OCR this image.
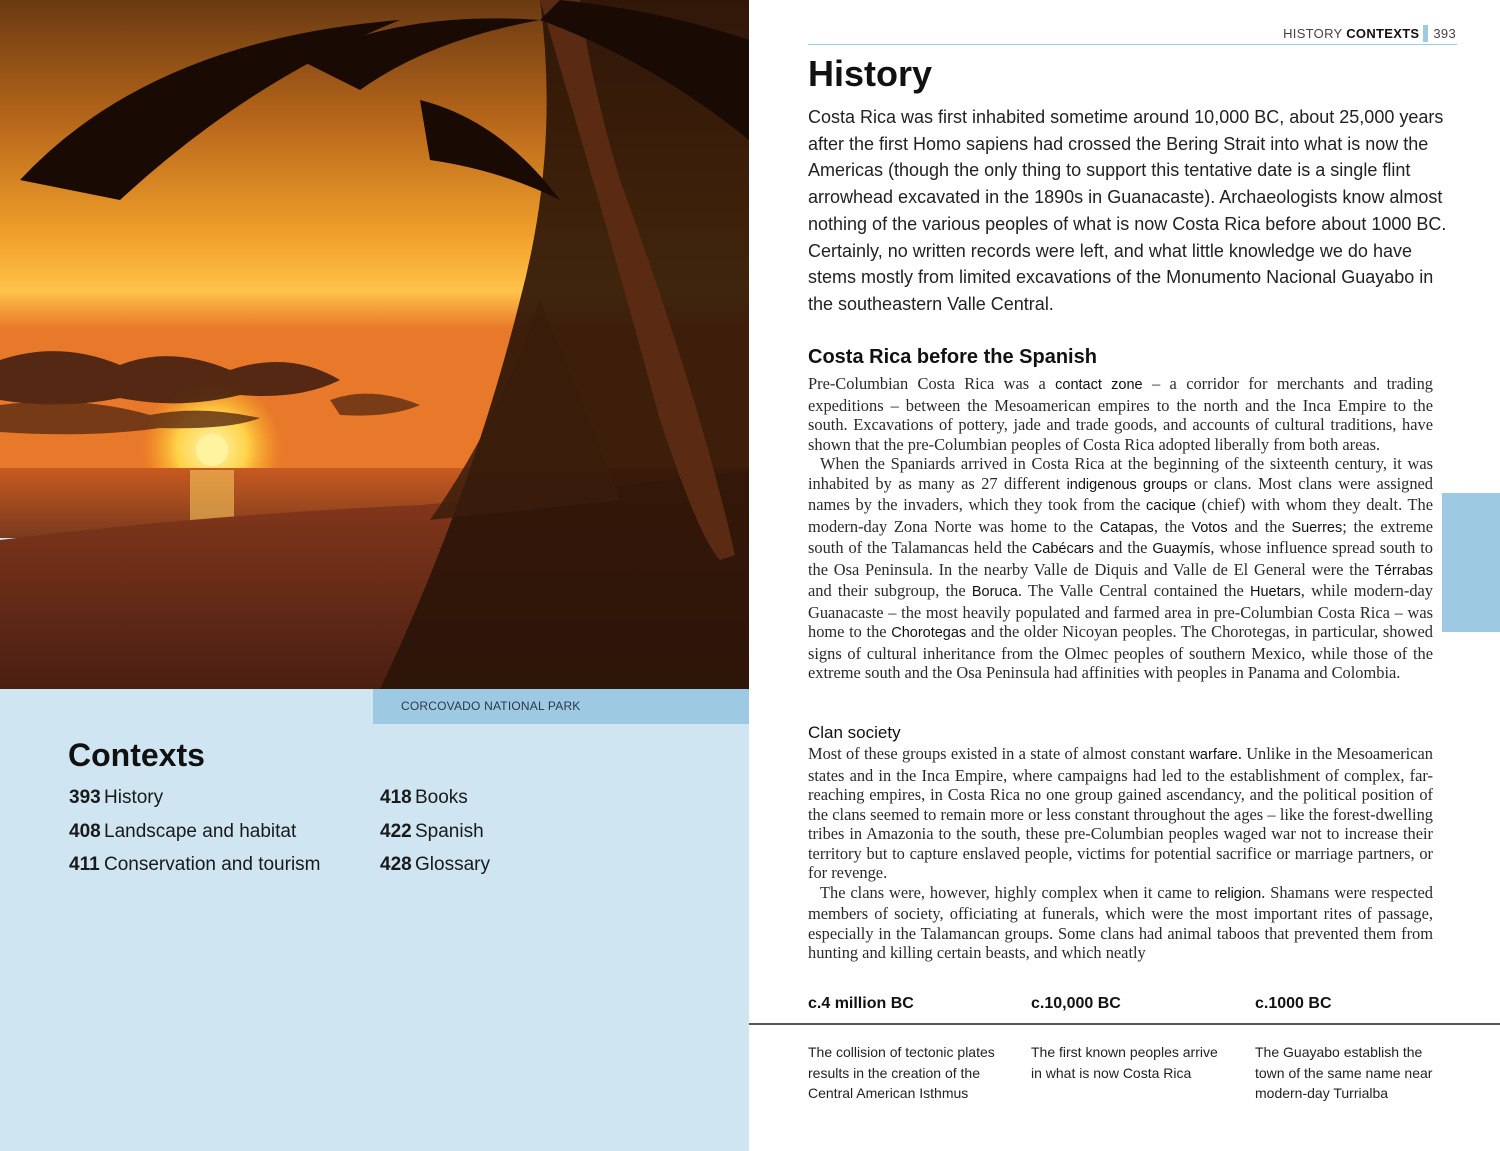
CORCOVADO NATIONAL PARK
Contexts
393 History
408 Landscape and habitat
411 Conservation and tourism
418 Books
422 Spanish
428 Glossary
HISTORY CONTEXTS 393
History

Costa Rica was first inhabited sometime around 10,000 BC, about 25,000 years after the first Homo sapiens had crossed the Bering Strait into what is now the Americas (though the only thing to support this tentative date is a single flint arrowhead excavated in the 1890s in Guanacaste). Archaeologists know almost nothing of the various peoples of what is now Costa Rica before about 1000 BC. Certainly, no written records were left, and what little knowledge we do have stems mostly from limited excavations of the Monumento Nacional Guayabo in the southeastern Valle Central.

Costa Rica before the Spanish

Pre-Columbian Costa Rica was a contact zone – a corridor for merchants and trading expeditions – between the Mesoamerican empires to the north and the Inca Empire to the south. Excavations of pottery, jade and trade goods, and accounts of cultural traditions, have shown that the pre-Columbian peoples of Costa Rica adopted liberally from both areas.
When the Spaniards arrived in Costa Rica at the beginning of the sixteenth century, it was inhabited by as many as 27 different indigenous groups or clans. Most clans were assigned names by the invaders, which they took from the cacique (chief) with whom they dealt. The modern-day Zona Norte was home to the Catapas, the Votos and the Suerres; the extreme south of the Talamancas held the Cabécars and the Guaymís, whose influence spread south to the Osa Peninsula. In the nearby Valle de Diquis and Valle de El General were the Térrabas and their subgroup, the Boruca. The Valle Central contained the Huetars, while modern-day Guanacaste – the most heavily populated and farmed area in pre-Columbian Costa Rica – was home to the Chorotegas and the older Nicoyan peoples. The Chorotegas, in particular, showed signs of cultural inheritance from the Olmec peoples of southern Mexico, while those of the extreme south and the Osa Peninsula had affinities with peoples in Panama and Colombia.

Clan society

Most of these groups existed in a state of almost constant warfare. Unlike in the Mesoamerican states and in the Inca Empire, where campaigns had led to the establishment of complex, far-reaching empires, in Costa Rica no one group gained ascendancy, and the political position of the clans seemed to remain more or less constant throughout the ages – like the forest-dwelling tribes in Amazonia to the south, these pre-Columbian peoples waged war not to increase their territory but to capture enslaved people, victims for potential sacrifice or marriage partners, or for revenge.
The clans were, however, highly complex when it came to religion. Shamans were respected members of society, officiating at funerals, which were the most important rites of passage, especially in the Talamancan groups. Some clans had animal taboos that prevented them from hunting and killing certain beasts, and which neatly

c.4 million BC

The collision of tectonic plates results in the creation of the Central American Isthmus

c.10,000 BC

The first known peoples arrive in what is now Costa Rica

c.1000 BC

The Guayabo establish the town of the same name near modern-day Turrialba
